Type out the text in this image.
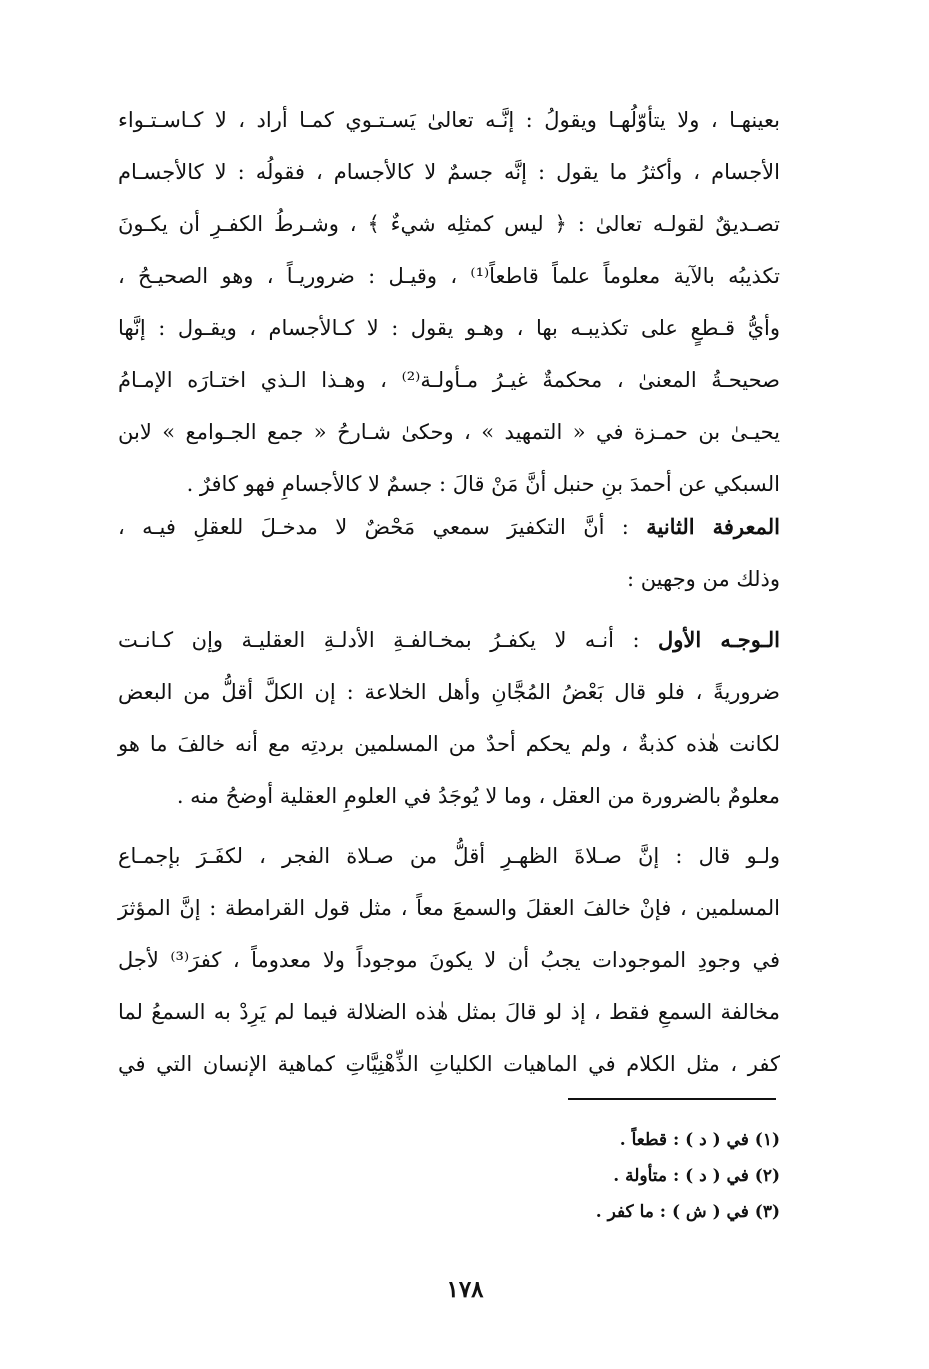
بعينهـا ، ولا يتأوّلُهـا ويقولُ : إنَّـه تعالىٰ يَسـتـوي كمـا أراد ، لا كـاسـتـواء
الأجسام ، وأكثرُ ما يقول : إنَّه جسمٌ لا كالأجسام ، فقولُه : لا كالأجسـام
تصـديقٌ لقولـه تعالىٰ : ﴿ ليس كمثلِه شيءٌ ﴾ ، وشـرطُ الكفـرِ أن يكـونَ
تكذيبُه بالآية معلوماً علماً قاطعاً⁽¹⁾ ، وقيـل : ضروريـاً ، وهو الصحيـحُ ،
وأيُّ قـطعٍ على تكذيبـه بها ، وهـو يقول : لا كـالأجسام ، ويقـول : إنَّها
صحيحـةُ المعنىٰ ، محكمةٌ غيـرُ مـأولـة⁽²⁾ ، وهـذا الـذي اختـارَه الإمـامُ
يحيـىٰ بن حمـزة في « التمهيد » ، وحكىٰ شـارحُ « جمع الجـوامع » لابن
السبكي عن أحمدَ بنِ حنبل أنَّ مَنْ قالَ : جسمٌ لا كالأجسامِ فهو كافرٌ .
المعرفة الثانية : أنَّ التكفيرَ سمعي مَحْضٌ لا مدخـلَ للعقلِ فيـه ،
وذلك من وجهين :
الـوجـه الأول : أنـه لا يكفـرُ بمخـالفـةِ الأدلـةِ العقليـة وإن كـانـت
ضروريةً ، فلو قال بَعْضُ المُجَّانِ وأهل الخلاعة : إن الكلَّ أقلُّ من البعض
لكانت هٰذه كذبةٌ ، ولم يحكم أحدٌ من المسلمين بردتِه مع أنه خالفَ ما هو
معلومٌ بالضرورة من العقل ، وما لا يُوجَدُ في العلومِ العقلية أوضحُ منه .
ولـو قال : إنَّ صـلاةَ الظهـرِ أقلُّ من صـلاة الفجر ، لكفَـرَ بإجمـاع
المسلمين ، فإنْ خالفَ العقلَ والسمعَ معاً ، مثل قول القرامطة : إنَّ المؤثرَ
في وجودِ الموجودات يجبُ أن لا يكونَ موجوداً ولا معدوماً ، كفرَ⁽³⁾ لأجل
مخالفة السمعِ فقط ، إذ لو قالَ بمثل هٰذه الضلالة فيما لم يَرِدْ به السمعُ لما
كفر ، مثل الكلام في الماهيات الكلياتِ الذِّهْنِيَّاتِ كماهية الإنسان التي في
(١) في ( د ) : قطعاً .
(٢) في ( د ) : متأولة .
(٣) في ( ش ) : ما كفر .
١٧٨
